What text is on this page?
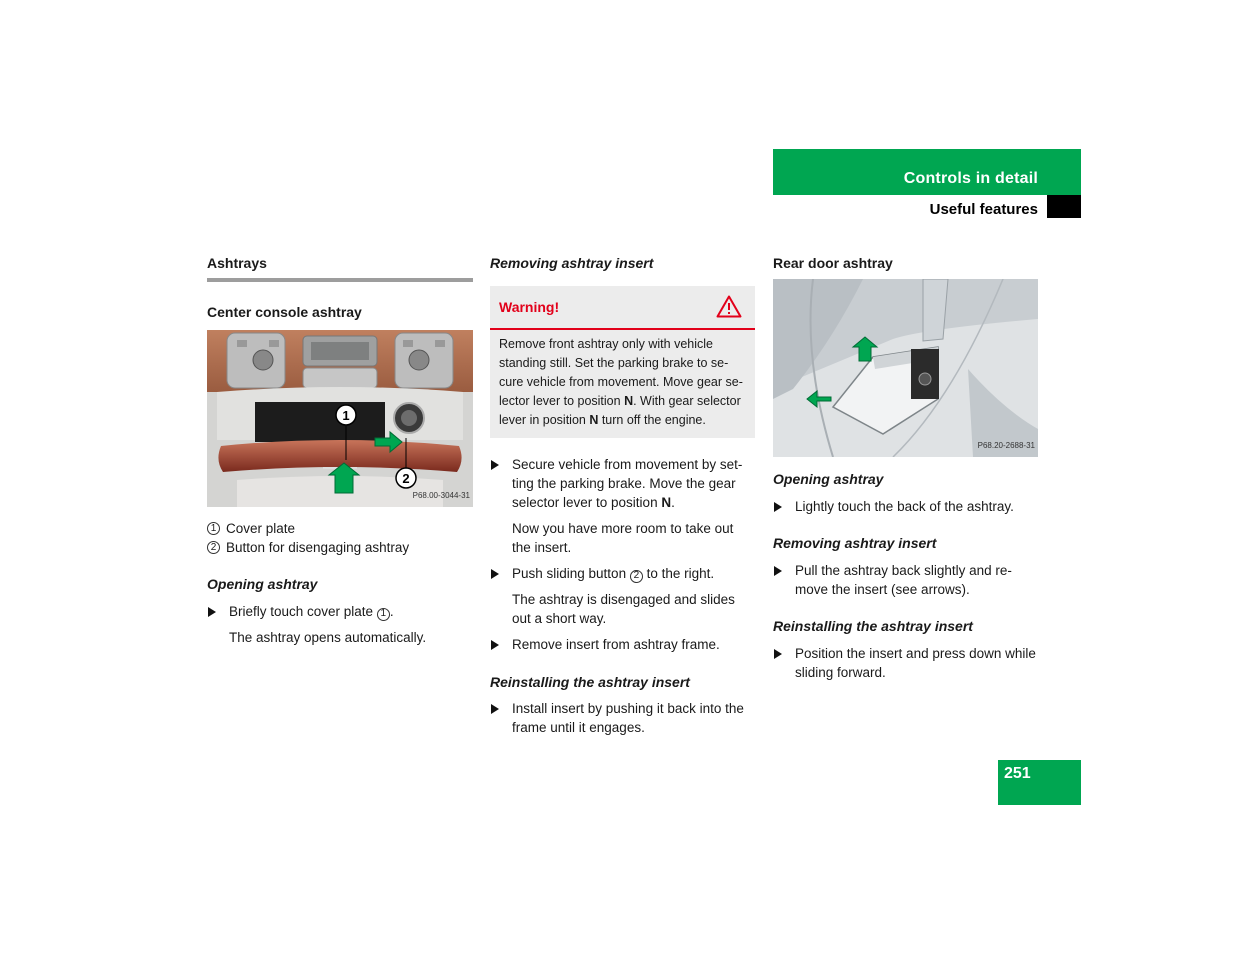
Controls in detail
Useful features

Ashtrays

Center console ashtray

1
2
P68.00-3044-31
1 Cover plate
2 Button for disengaging ashtray

Opening ashtray

Briefly touch cover plate 1 .
The ashtray opens automatically.

Removing ashtray insert

Warning!
Remove front ashtray only with vehicle standing still. Set the parking brake to secure vehicle from movement. Move gear selector lever to position N. With gear selector lever in position N turn off the engine.
Secure vehicle from movement by setting the parking brake. Move the gear selector lever to position N.
Now you have more room to take out the insert.
Push sliding button 2 to the right.
The ashtray is disengaged and slides out a short way.
Remove insert from ashtray frame.

Reinstalling the ashtray insert

Install insert by pushing it back into the frame until it engages.

Rear door ashtray

P68.20-2688-31

Opening ashtray

Lightly touch the back of the ashtray.

Removing ashtray insert

Pull the ashtray back slightly and remove the insert (see arrows).

Reinstalling the ashtray insert

Position the insert and press down while sliding forward.
251
